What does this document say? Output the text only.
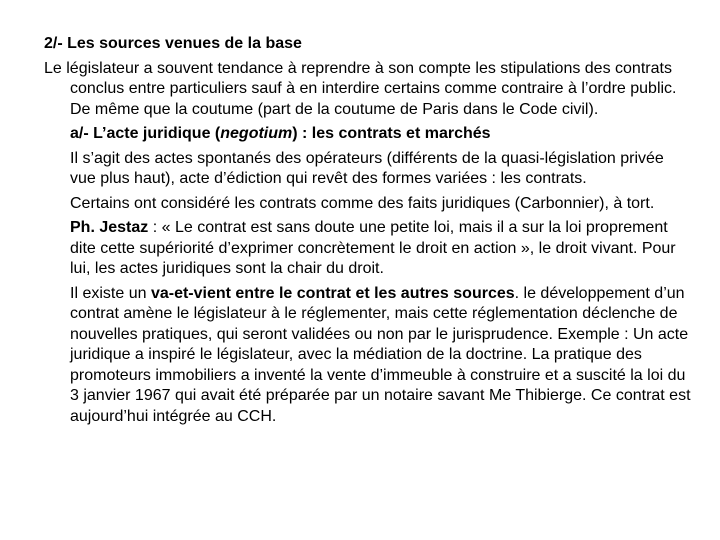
2/- Les sources venues de la base
Le législateur a souvent tendance à reprendre à son compte les stipulations des contrats conclus entre particuliers sauf à en interdire certains comme contraire à l’ordre public. De même que la coutume (part de la coutume de Paris dans le Code civil).
a/- L’acte juridique (negotium) : les contrats et marchés
Il s’agit des actes spontanés des opérateurs (différents de la quasi-législation privée vue plus haut), acte d’édiction qui revêt des formes variées : les contrats.
Certains ont considéré les contrats comme des faits juridiques (Carbonnier), à tort.
Ph. Jestaz : « Le contrat est sans doute une petite loi, mais il a sur la loi proprement dite cette supériorité d’exprimer concrètement le droit en action », le droit vivant. Pour lui, les actes juridiques sont la chair du droit.
Il existe un va-et-vient entre le contrat et les autres sources. le développement d’un contrat amène le législateur à le réglementer, mais cette réglementation déclenche de nouvelles pratiques, qui seront validées ou non par le jurisprudence. Exemple : Un acte juridique a inspiré le législateur, avec la médiation de la doctrine. La pratique des promoteurs immobiliers a inventé la vente d’immeuble à construire et a suscité la loi du 3 janvier 1967 qui avait été préparée par un notaire savant Me Thibierge. Ce contrat est aujourd’hui intégrée au CCH.
